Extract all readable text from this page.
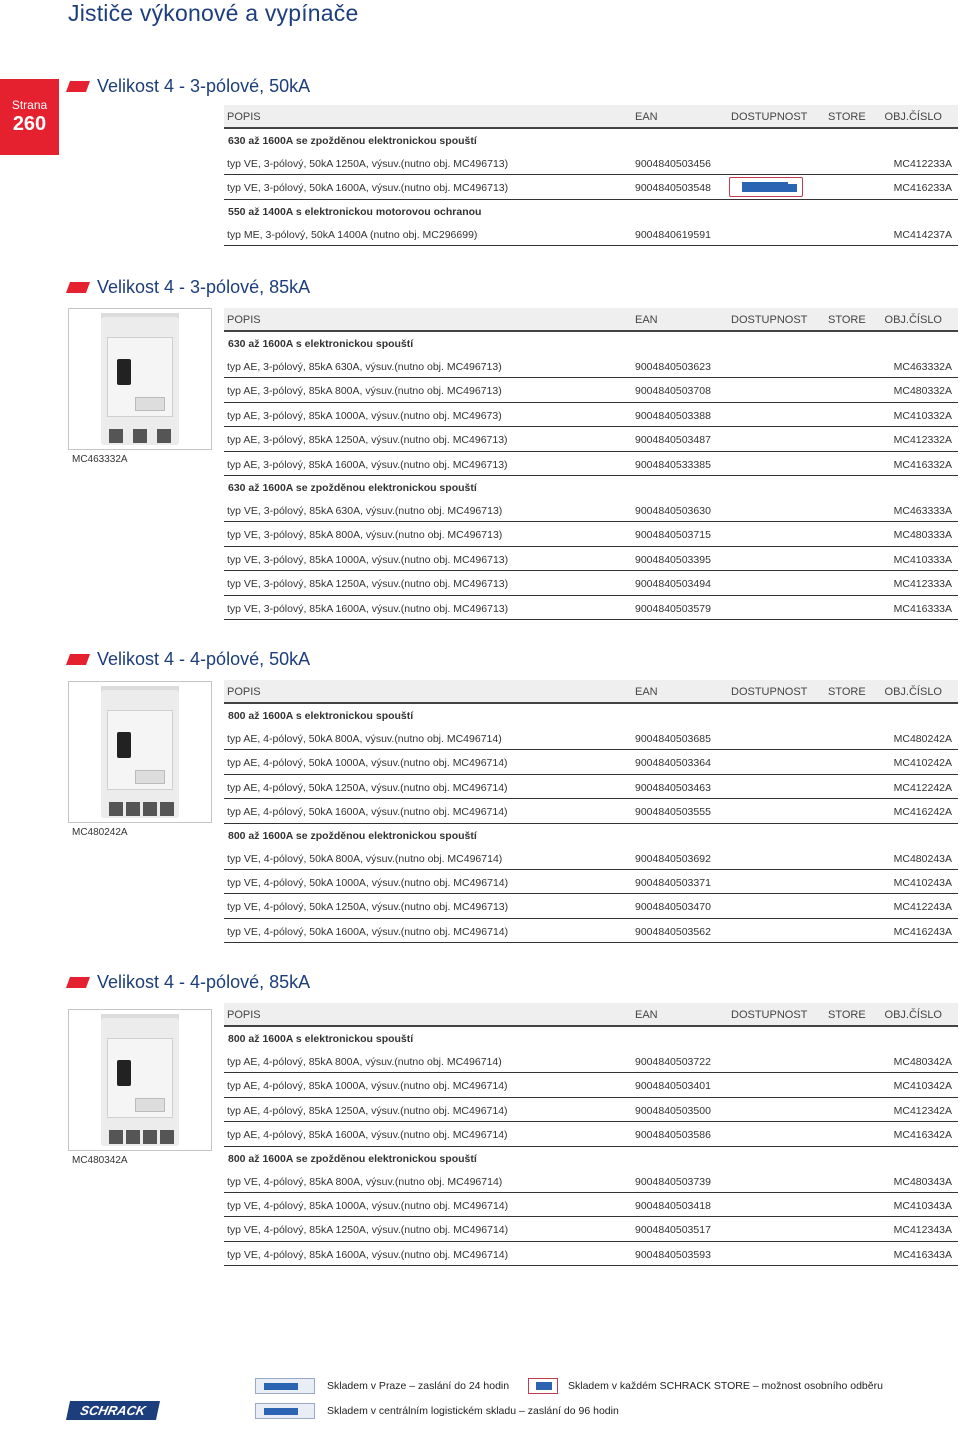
Jističe výkonové a vypínače
Strana
260
Velikost 4 - 3-pólové, 50kA
POPIS	EAN	DOSTUPNOST STORE OBJ.ČÍSLO
630 až 1600A se zpožděnou elektronickou spouští
typ VE, 3-pólový, 50kA 1250A, výsuv.(nutno obj. MC496713)	9004840503456	MC412233A
typ VE, 3-pólový, 50kA 1600A, výsuv.(nutno obj. MC496713)	9004840503548	MC416233A
550 až 1400A s elektronickou motorovou ochranou
typ ME, 3-pólový, 50kA 1400A (nutno obj. MC296699)	9004840619591	MC414237A
Velikost 4 - 3-pólové, 85kA
MC463332A
POPIS	EAN	DOSTUPNOST STORE OBJ.ČÍSLO
630 až 1600A s elektronickou spouští
typ AE, 3-pólový, 85kA 630A, výsuv.(nutno obj. MC496713)	9004840503623	MC463332A
typ AE, 3-pólový, 85kA 800A, výsuv.(nutno obj. MC496713)	9004840503708	MC480332A
typ AE, 3-pólový, 85kA 1000A, výsuv.(nutno obj. MC49673)	9004840503388	MC410332A
typ AE, 3-pólový, 85kA 1250A, výsuv.(nutno obj. MC496713)	9004840503487	MC412332A
typ AE, 3-pólový, 85kA 1600A, výsuv.(nutno obj. MC496713)	9004840533385	MC416332A
630 až 1600A se zpožděnou elektronickou spouští
typ VE, 3-pólový, 85kA 630A, výsuv.(nutno obj. MC496713)	9004840503630	MC463333A
typ VE, 3-pólový, 85kA 800A, výsuv.(nutno obj. MC496713)	9004840503715	MC480333A
typ VE, 3-pólový, 85kA 1000A, výsuv.(nutno obj. MC496713)	9004840503395	MC410333A
typ VE, 3-pólový, 85kA 1250A, výsuv.(nutno obj. MC496713)	9004840503494	MC412333A
typ VE, 3-pólový, 85kA 1600A, výsuv.(nutno obj. MC496713)	9004840503579	MC416333A
Velikost 4 - 4-pólové, 50kA
MC480242A
POPIS	EAN	DOSTUPNOST STORE OBJ.ČÍSLO
800 až 1600A s elektronickou spouští
typ AE, 4-pólový, 50kA 800A, výsuv.(nutno obj. MC496714)	9004840503685	MC480242A
typ AE, 4-pólový, 50kA 1000A, výsuv.(nutno obj. MC496714)	9004840503364	MC410242A
typ AE, 4-pólový, 50kA 1250A, výsuv.(nutno obj. MC496714)	9004840503463	MC412242A
typ AE, 4-pólový, 50kA 1600A, výsuv.(nutno obj. MC496714)	9004840503555	MC416242A
800 až 1600A se zpožděnou elektronickou spouští
typ VE, 4-pólový, 50kA 800A, výsuv.(nutno obj. MC496714)	9004840503692	MC480243A
typ VE, 4-pólový, 50kA 1000A, výsuv.(nutno obj. MC496714)	9004840503371	MC410243A
typ VE, 4-pólový, 50kA 1250A, výsuv.(nutno obj. MC496713)	9004840503470	MC412243A
typ VE, 4-pólový, 50kA 1600A, výsuv.(nutno obj. MC496714)	9004840503562	MC416243A
Velikost 4 - 4-pólové, 85kA
MC480342A
POPIS	EAN	DOSTUPNOST STORE OBJ.ČÍSLO
800 až 1600A s elektronickou spouští
typ AE, 4-pólový, 85kA 800A, výsuv.(nutno obj. MC496714)	9004840503722	MC480342A
typ AE, 4-pólový, 85kA 1000A, výsuv.(nutno obj. MC496714)	9004840503401	MC410342A
typ AE, 4-pólový, 85kA 1250A, výsuv.(nutno obj. MC496714)	9004840503500	MC412342A
typ AE, 4-pólový, 85kA 1600A, výsuv.(nutno obj. MC496714)	9004840503586	MC416342A
800 až 1600A se zpožděnou elektronickou spouští
typ VE, 4-pólový, 85kA 800A, výsuv.(nutno obj. MC496714)	9004840503739	MC480343A
typ VE, 4-pólový, 85kA 1000A, výsuv.(nutno obj. MC496714)	9004840503418	MC410343A
typ VE, 4-pólový, 85kA 1250A, výsuv.(nutno obj. MC496714)	9004840503517	MC412343A
typ VE, 4-pólový, 85kA 1600A, výsuv.(nutno obj. MC496714)	9004840503593	MC416343A
Skladem v Praze – zaslání do 24 hodin	Skladem v každém SCHRACK STORE – možnost osobního odběru
SCHRACK
TECHNIK
Skladem v centrálním logistickém skladu – zaslání do 96 hodin
